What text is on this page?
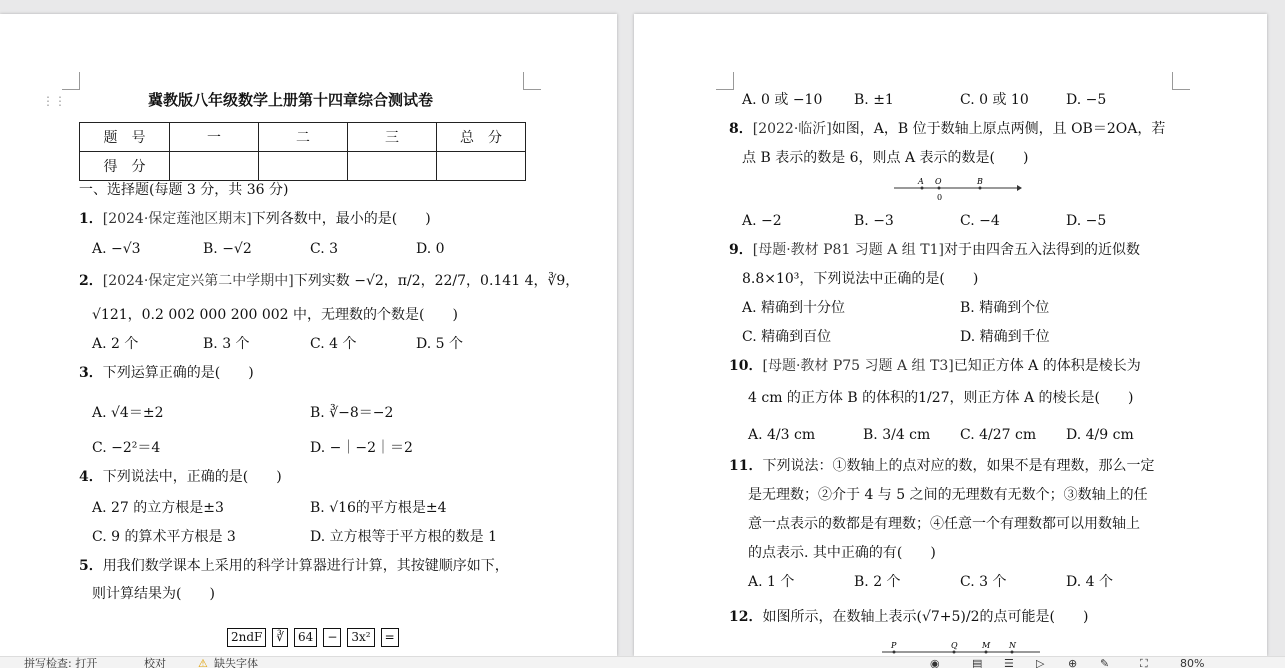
⋮⋮	冀教版八年级数学上册第十四章综合测试卷
题　号	一	二	三	总　分
得　分				
一、选择题(每题 3 分，共 36 分)
1．[2024·保定莲池区期末]下列各数中，最小的是(　　)
A. −√3	B. −√2	C. 3	D. 0
2．[2024·保定定兴第二中学期中]下列实数 −√2，π/2，22/7，0.141 4，∛9，
√121，0.2 002 000 200 002 中，无理数的个数是(　　)
A. 2 个	B. 3 个	C. 4 个	D. 5 个
3．下列运算正确的是(　　)
A. √4＝±2	B. ∛−8＝−2
C. −2²＝4	D. −｜−2｜＝2
4．下列说法中，正确的是(　　)
A. 27 的立方根是±3	B. √16的平方根是±4
C. 9 的算术平方根是 3	D. 立方根等于平方根的数是 1
5．用我们数学课本上采用的科学计算器进行计算，其按键顺序如下，
则计算结果为(　　)
2ndF	∛	64	−	3x²	=
A. 0 或 −10 B. ±1	C. 0 或 10	D. −5
8．[2022·临沂]如图，A，B 位于数轴上原点两侧，且 OB＝2OA，若
点 B 表示的数是 6，则点 A 表示的数是(　　)
A O	B
0
A. −2	B. −3	C. −4	D. −5
9．[母题·教材 P81 习题 A 组 T1]对于由四舍五入法得到的近似数
8.8×10³，下列说法中正确的是(　　)
A. 精确到十分位	B. 精确到个位
C. 精确到百位	D. 精确到千位
10．[母题·教材 P75 习题 A 组 T3]已知正方体 A 的体积是棱长为
4 cm 的正方体 B 的体积的1/27，则正方体 A 的棱长是(　　)
A. 4/3 cm	B. 3/4 cm C. 4/27 cm D. 4/9 cm
11．下列说法：①数轴上的点对应的数，如果不是有理数，那么一定
是无理数；②介于 4 与 5 之间的无理数有无数个；③数轴上的任
意一点表示的数都是有理数；④任意一个有理数都可以用数轴上
的点表示. 其中正确的有(　　)
A. 1 个	B. 2 个	C. 3 个	D. 4 个
12．如图所示，在数轴上表示(√7+5)/2的点可能是(　　)
P	Q	M N
拼写检查: 打开	校对	⚠ 缺失字体	◉	▤ ☰ ▷ ⊕ ✎	⛶	80%
